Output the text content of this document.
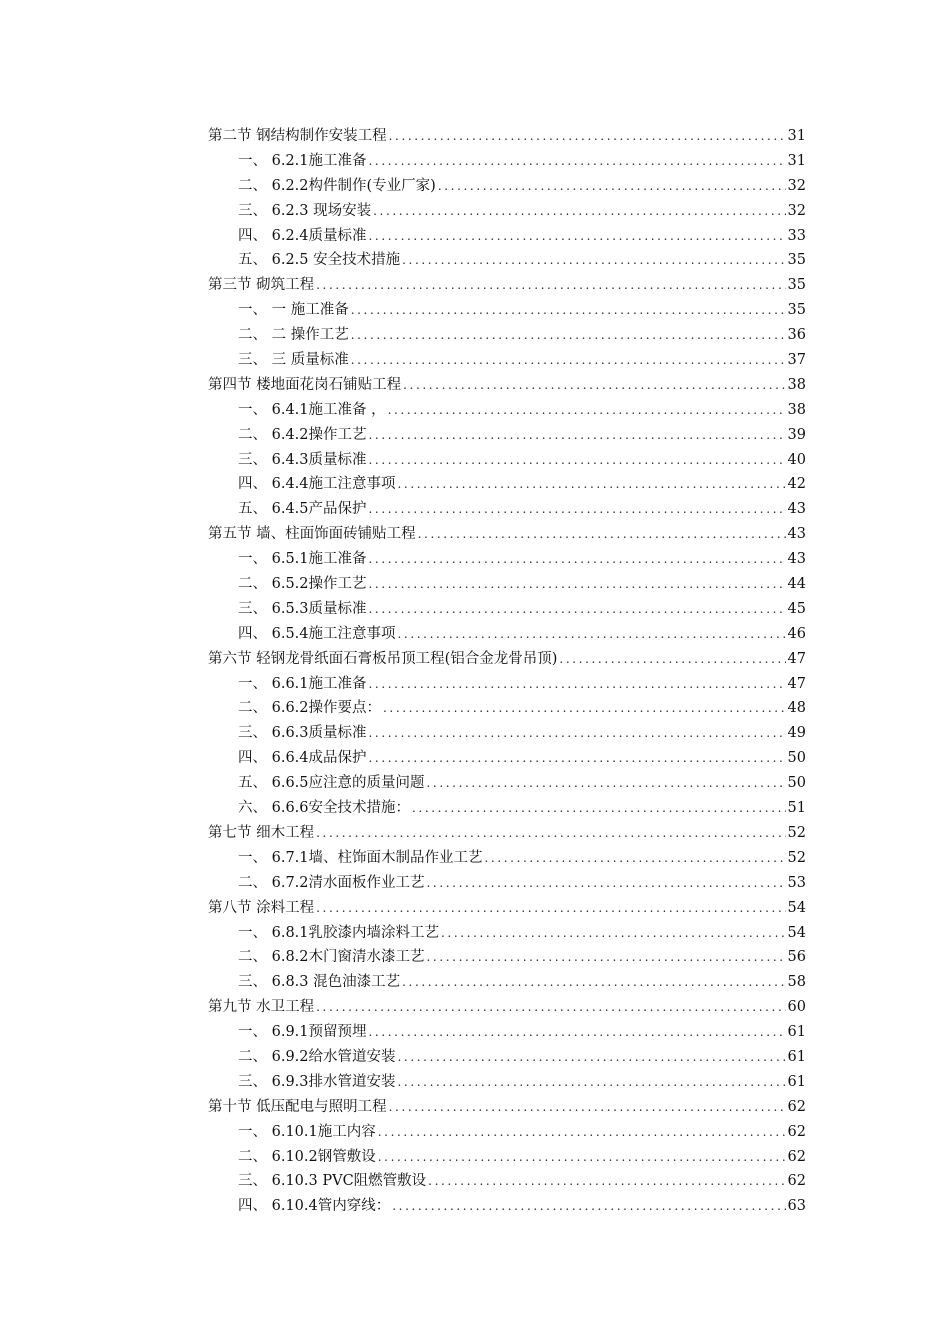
第二节 钢结构制作安装工程 .....	31
一、 6.2.1施工准备 .....	31
二、 6.2.2构件制作(专业厂家) .....	32
三、 6.2.3 现场安装 .....	32
四、 6.2.4质量标准 .....	33
五、 6.2.5 安全技术措施 .....	35
第三节 砌筑工程 .....	35
一、 一 施工准备 .....	35
二、 二 操作工艺 .....	36
三、 三 质量标准 .....	37
第四节 楼地面花岗石铺贴工程 .....	38
一、 6.4.1施工准备 ， .....	38
二、 6.4.2操作工艺 .....	39
三、 6.4.3质量标准 .....	40
四、 6.4.4施工注意事项 .....	42
五、 6.4.5产品保护 .....	43
第五节 墙、柱面饰面砖铺贴工程 .....	43
一、 6.5.1施工准备 .....	43
二、 6.5.2操作工艺 .....	44
三、 6.5.3质量标准 .....	45
四、 6.5.4施工注意事项 .....	46
第六节 轻钢龙骨纸面石膏板吊顶工程(铝合金龙骨吊顶) .....	47
一、 6.6.1施工准备 .....	47
二、 6.6.2操作要点： .....	48
三、 6.6.3质量标准 .....	49
四、 6.6.4成品保护 .....	50
五、 6.6.5应注意的质量问题 .....	50
六、 6.6.6安全技术措施： .....	51
第七节 细木工程 .....	52
一、 6.7.1墙、柱饰面木制品作业工艺 .....	52
二、 6.7.2清水面板作业工艺 .....	53
第八节 涂料工程 .....	54
一、 6.8.1乳胶漆内墙涂料工艺 .....	54
二、 6.8.2木门窗清水漆工艺 .....	56
三、 6.8.3 混色油漆工艺 .....	58
第九节 水卫工程 .....	60
一、 6.9.1预留预埋 .....	61
二、 6.9.2给水管道安装 .....	61
三、 6.9.3排水管道安装 .....	61
第十节 低压配电与照明工程 .....	62
一、 6.10.1施工内容 .....	62
二、 6.10.2钢管敷设 .....	62
三、 6.10.3 PVC阻燃管敷设 .....	62
四、 6.10.4管内穿线： .....	63
